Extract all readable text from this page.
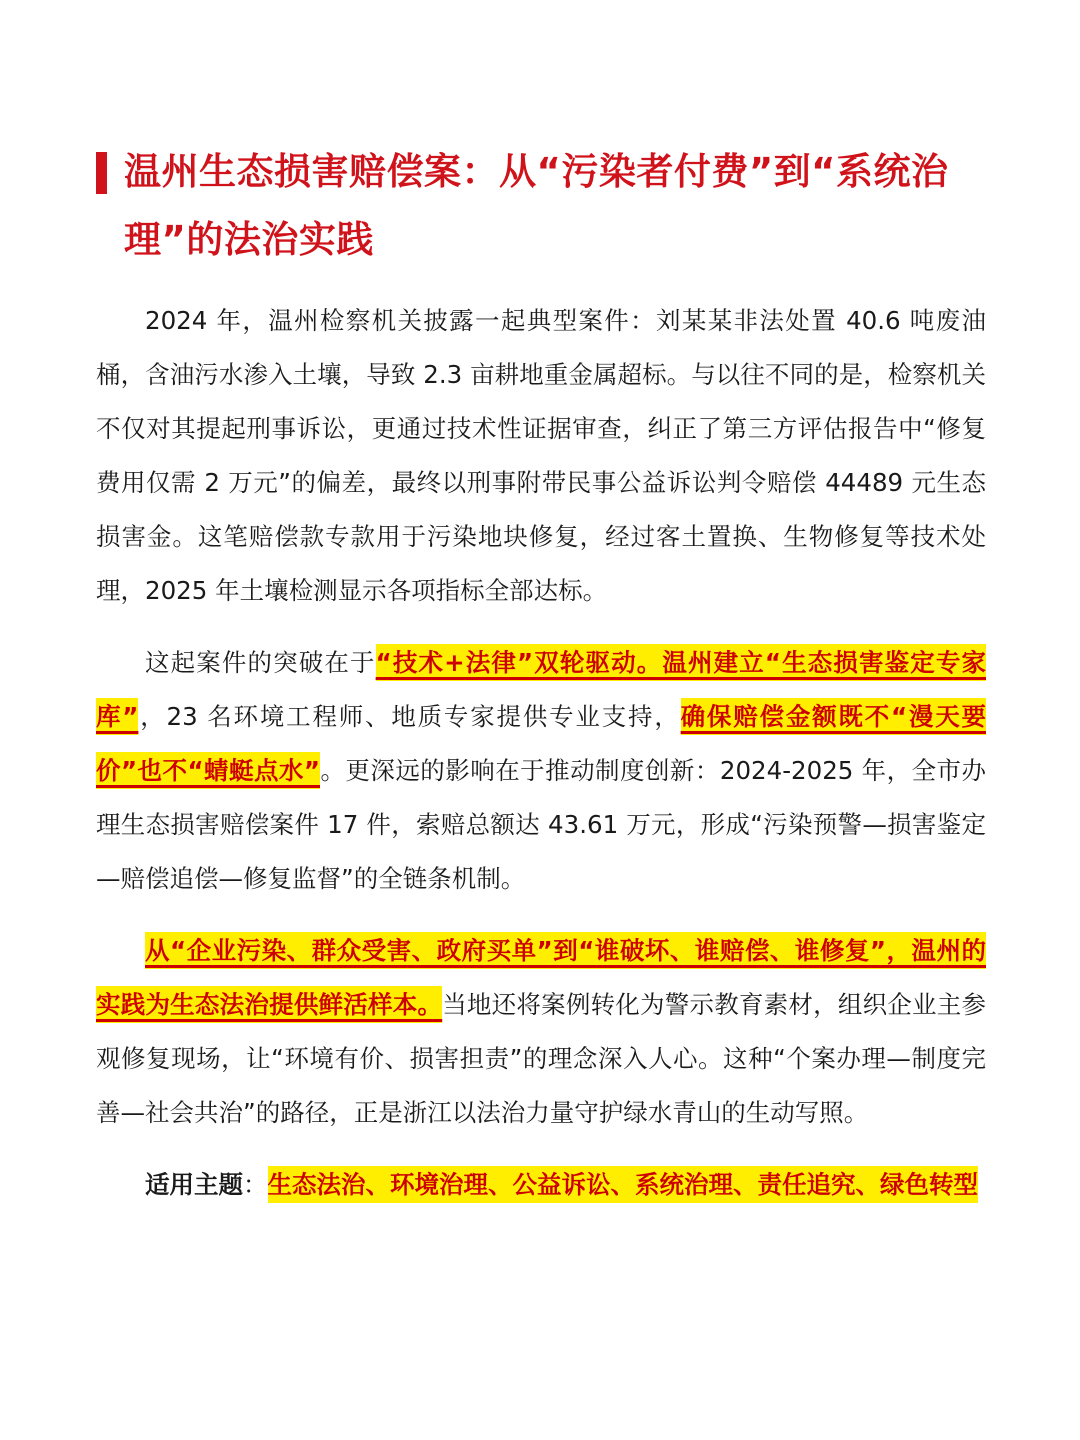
温州生态损害赔偿案：从“污染者付费”到“系统治理”的法治实践

2024 年，温州检察机关披露一起典型案件：刘某某非法处置 40.6 吨废油桶，含油污水渗入土壤，导致 2.3 亩耕地重金属超标。与以往不同的是，检察机关不仅对其提起刑事诉讼，更通过技术性证据审查，纠正了第三方评估报告中“修复费用仅需 2 万元”的偏差，最终以刑事附带民事公益诉讼判令赔偿 44489 元生态损害金。这笔赔偿款专款用于污染地块修复，经过客土置换、生物修复等技术处理，2025 年土壤检测显示各项指标全部达标。

这起案件的突破在于“技术+法律”双轮驱动。温州建立“生态损害鉴定专家库”，23 名环境工程师、地质专家提供专业支持，确保赔偿金额既不“漫天要价”也不“蜻蜓点水”。更深远的影响在于推动制度创新：2024-2025 年，全市办理生态损害赔偿案件 17 件，索赔总额达 43.61 万元，形成“污染预警—损害鉴定—赔偿追偿—修复监督”的全链条机制。

从“企业污染、群众受害、政府买单”到“谁破坏、谁赔偿、谁修复”，温州的实践为生态法治提供鲜活样本。当地还将案例转化为警示教育素材，组织企业主参观修复现场，让“环境有价、损害担责”的理念深入人心。这种“个案办理—制度完善—社会共治”的路径，正是浙江以法治力量守护绿水青山的生动写照。

适用主题：生态法治、环境治理、公益诉讼、系统治理、责任追究、绿色转型
